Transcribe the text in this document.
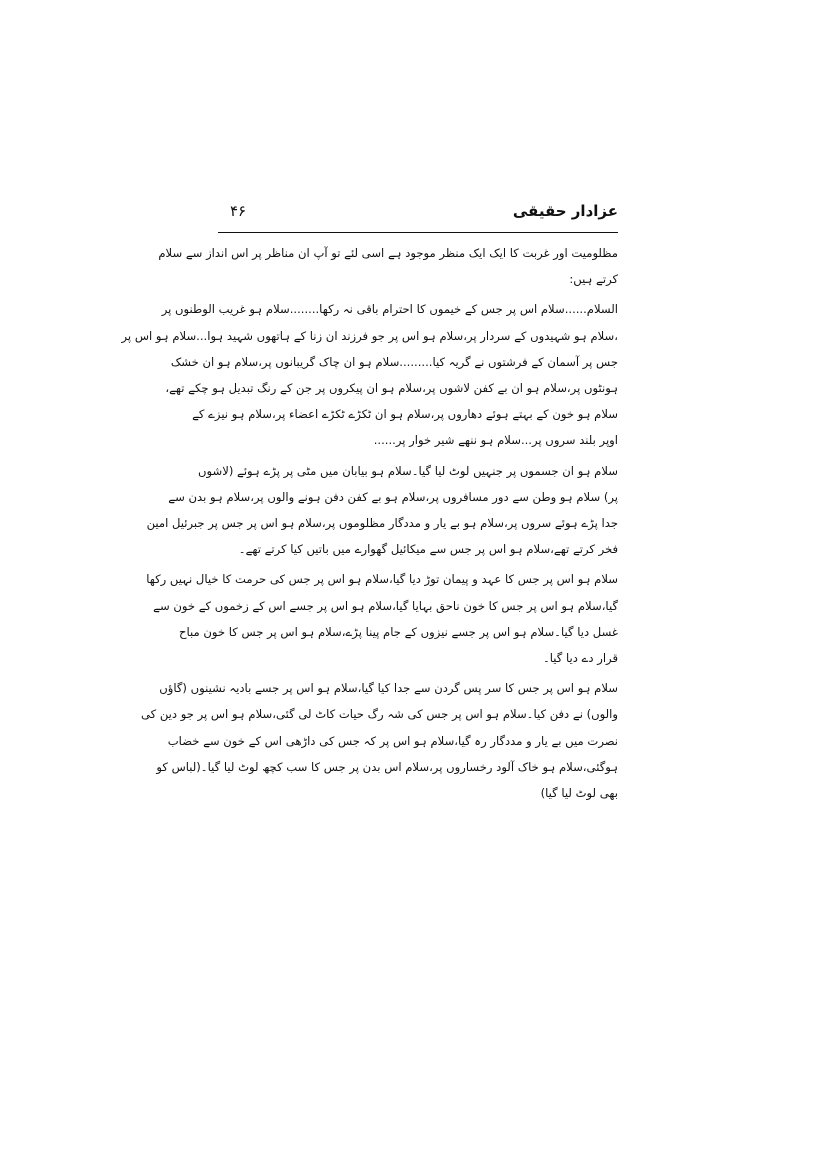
عزادار حقیقی
۴۶
مظلومیت اور غربت کا ایک ایک منظر موجود ہے اسی لئے تو آپ ان مناظر پر اس انداز سے سلام
کرتے ہیں:
السلام......سلام اس پر جس کے خیموں کا احترام باقی نہ رکھا........سلام ہو غریب الوطنوں پر
،سلام ہو شہیدوں کے سردار پر،سلام ہو اس پر جو فرزند ان زنا کے ہاتھوں شہید ہوا...سلام ہو اس پر
جس پر آسمان کے فرشتوں نے گریہ کیا.........سلام ہو ان چاک گریبانوں پر،سلام ہو ان خشک
ہونٹوں پر،سلام ہو ان بے کفن لاشوں پر،سلام ہو ان پیکروں پر جن کے رنگ تبدیل ہو چکے تھے،
سلام ہو خون کے بہتے ہوئے دھاروں پر،سلام ہو ان ٹکڑے ٹکڑے اعضاء پر،سلام ہو نیزے کے
اوپر بلند سروں پر...سلام ہو ننھے شیر خوار پر......
سلام ہو ان جسموں پر جنہیں لوٹ لیا گیا۔سلام ہو بیابان میں مٹی پر پڑے ہوئے (لاشوں
پر) سلام ہو وطن سے دور مسافروں پر،سلام ہو بے کفن دفن ہونے والوں پر،سلام ہو بدن سے
جدا پڑے ہوئے سروں پر،سلام ہو بے یار و مددگار مظلوموں پر،سلام ہو اس پر جس پر جبرئیل امین
فخر کرتے تھے،سلام ہو اس پر جس سے میکائیل گھوارے میں باتیں کیا کرتے تھے۔
سلام ہو اس پر جس کا عہد و پیمان توڑ دیا گیا،سلام ہو اس پر جس کی حرمت کا خیال نہیں رکھا
گیا،سلام ہو اس پر جس کا خون ناحق بہایا گیا،سلام ہو اس پر جسے اس کے زخموں کے خون سے
غسل دیا گیا۔سلام ہو اس پر جسے نیزوں کے جام پینا پڑے،سلام ہو اس پر جس کا خون مباح
قرار دے دیا گیا۔
سلام ہو اس پر جس کا سر پس گردن سے جدا کیا گیا،سلام ہو اس پر جسے بادیہ نشینوں (گاؤں
والوں) نے دفن کیا۔سلام ہو اس پر جس کی شہ رگ حیات کاٹ لی گئی،سلام ہو اس پر جو دین کی
نصرت میں بے یار و مددگار رہ گیا،سلام ہو اس پر کہ جس کی داڑھی اس کے خون سے خضاب
ہوگئی،سلام ہو خاک آلود رخساروں پر،سلام اس بدن پر جس کا سب کچھ لوٹ لیا گیا۔(لباس کو
بھی لوٹ لیا گیا)
